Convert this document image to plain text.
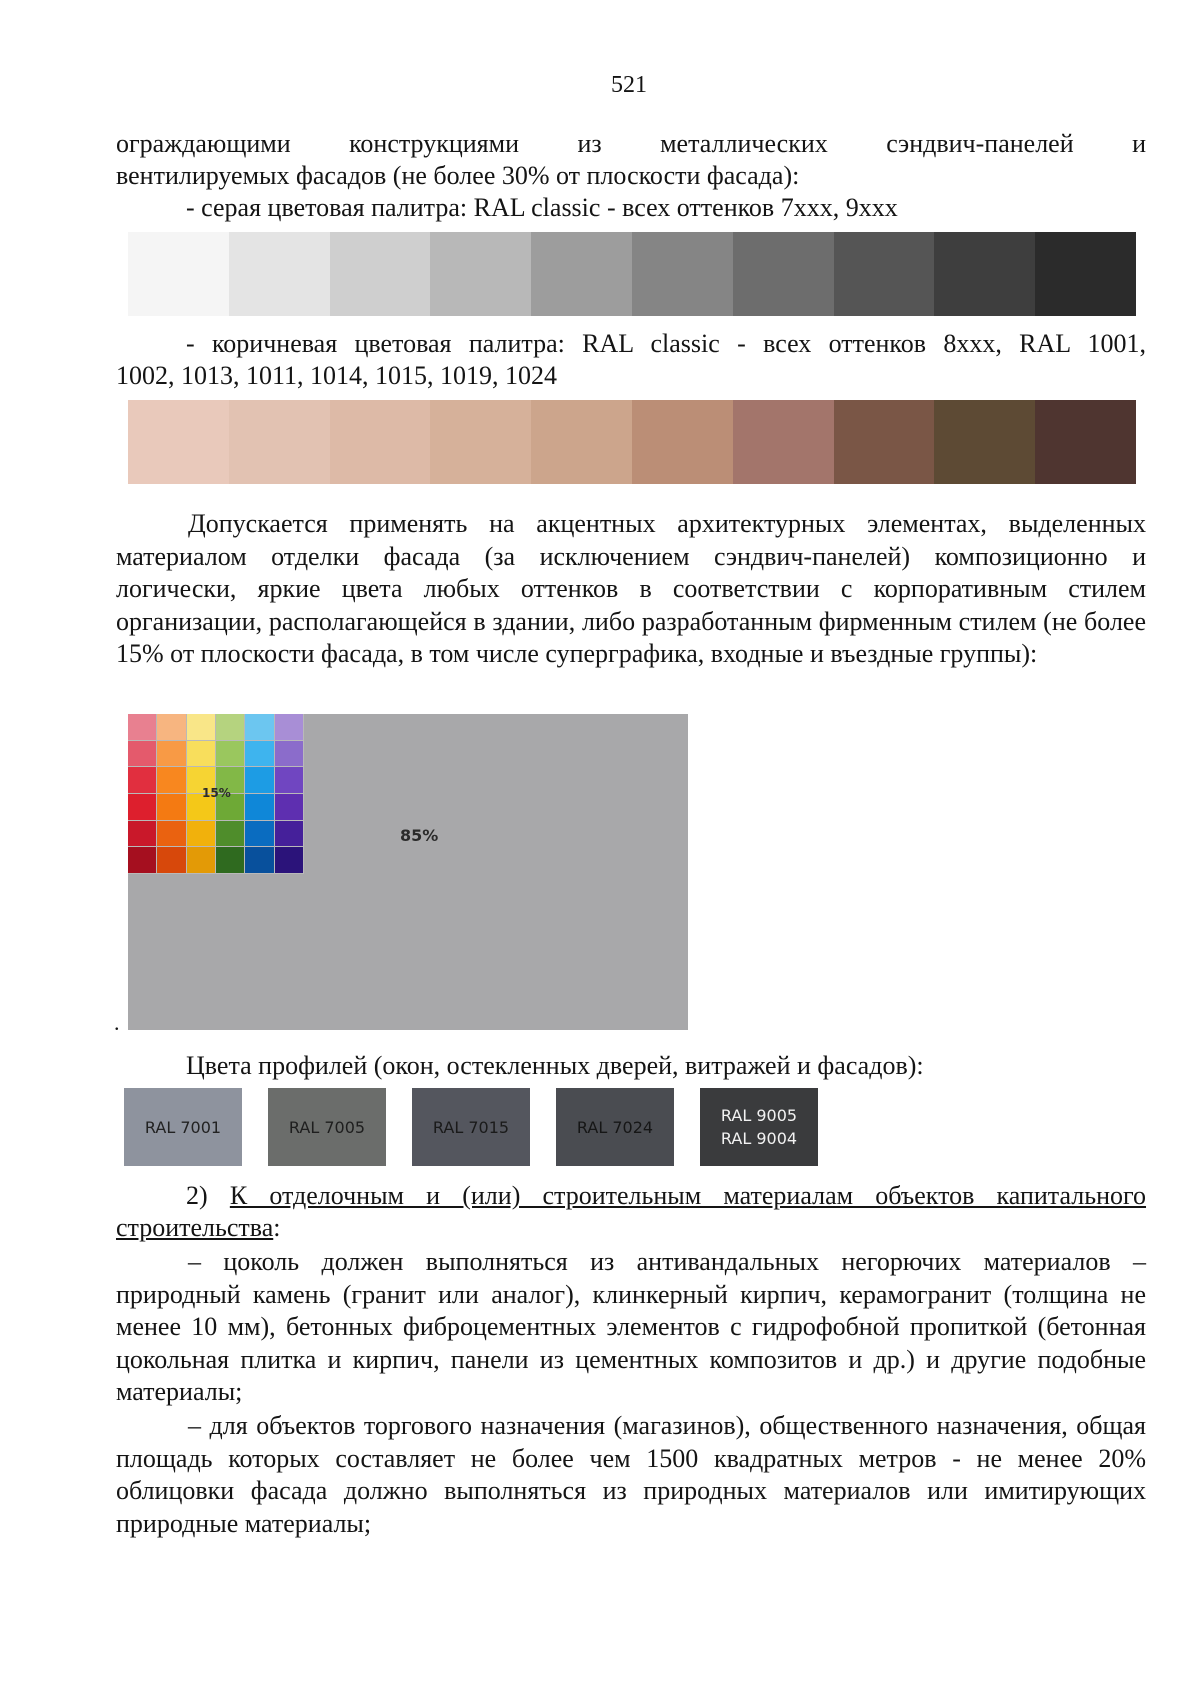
521
ограждающими конструкциями из металлических сэндвич-панелей и
вентилируемых фасадов (не более 30% от плоскости фасада):
- серая цветовая палитра: RAL classic - всех оттенков 7xxx, 9xxx
- коричневая цветовая палитра: RAL classic - всех оттенков 8xxx, RAL 1001,
1002, 1013, 1011, 1014, 1015, 1019, 1024
Допускается применять на акцентных архитектурных элементах, выделенных материалом отделки фасада (за исключением сэндвич-панелей) композиционно и логически, яркие цвета любых оттенков в соответствии с корпоративным стилем организации, располагающейся в здании, либо разработанным фирменным стилем (не более 15% от плоскости фасада, в том числе суперграфика, входные и въездные группы):
15%
85%
.
Цвета профилей (окон, остекленных дверей, витражей и фасадов):
RAL 7001	RAL 7005	RAL 7015	RAL 7024
RAL 9005
RAL 9004
2) К отделочным и (или) строительным материалам объектов капитального
строительства:
– цоколь должен выполняться из антивандальных негорючих материалов – природный камень (гранит или аналог), клинкерный кирпич, керамогранит (толщина не менее 10 мм), бетонных фиброцементных элементов с гидрофобной пропиткой (бетонная цокольная плитка и кирпич, панели из цементных композитов и др.) и другие подобные материалы;
– для объектов торгового назначения (магазинов), общественного назначения, общая площадь которых составляет не более чем 1500 квадратных метров - не менее 20% облицовки фасада должно выполняться из природных материалов или имитирующих природные материалы;
